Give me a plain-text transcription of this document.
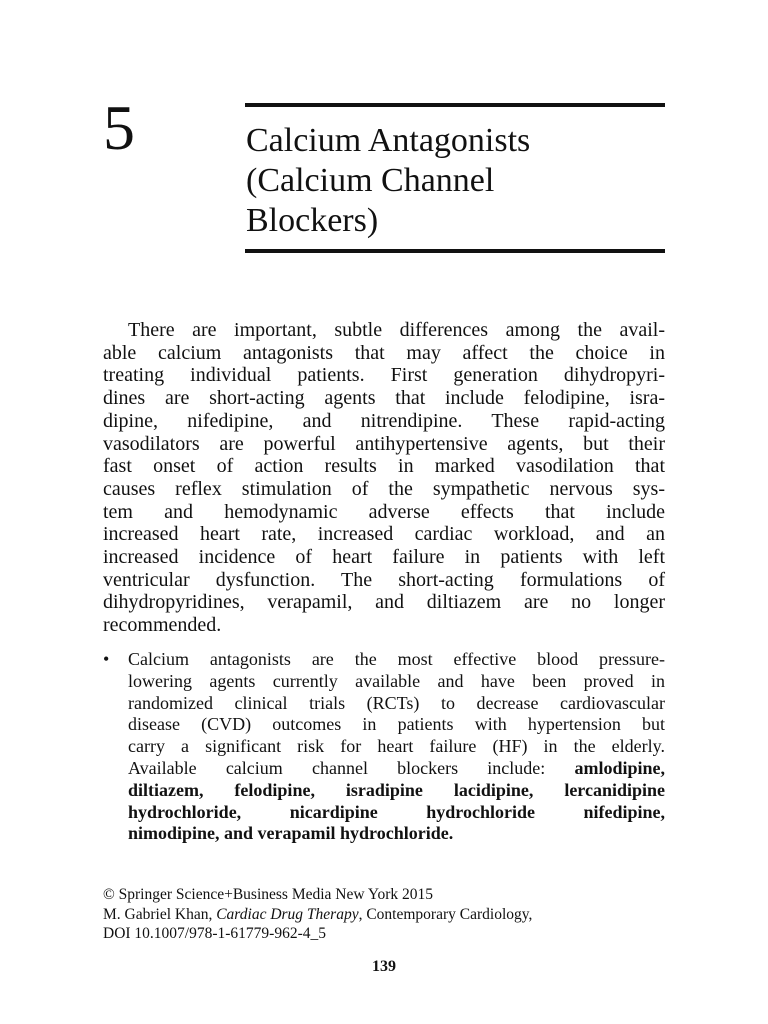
5	Calcium Antagonists
(Calcium Channel
Blockers)
There are important, subtle differences among the avail-
able calcium antagonists that may affect the choice in
treating individual patients. First generation dihydropyri-
dines are short-acting agents that include felodipine, isra-
dipine, nifedipine, and nitrendipine. These rapid-acting
vasodilators are powerful antihypertensive agents, but their
fast onset of action results in marked vasodilation that
causes reflex stimulation of the sympathetic nervous sys-
tem and hemodynamic adverse effects that include
increased heart rate, increased cardiac workload, and an
increased incidence of heart failure in patients with left
ventricular dysfunction. The short-acting formulations of
dihydropyridines, verapamil, and diltiazem are no longer
recommended.
• Calcium antagonists are the most effective blood pressure-
lowering agents currently available and have been proved in
randomized clinical trials (RCTs) to decrease cardiovascular
disease (CVD) outcomes in patients with hypertension but
carry a significant risk for heart failure (HF) in the elderly.
Available calcium channel blockers include: amlodipine,
diltiazem, felodipine, isradipine lacidipine, lercanidipine
hydrochloride, nicardipine hydrochloride nifedipine,
nimodipine, and verapamil hydrochloride.
© Springer Science+Business Media New York 2015
M. Gabriel Khan, Cardiac Drug Therapy, Contemporary Cardiology,
DOI 10.1007/978-1-61779-962-4_5
139
